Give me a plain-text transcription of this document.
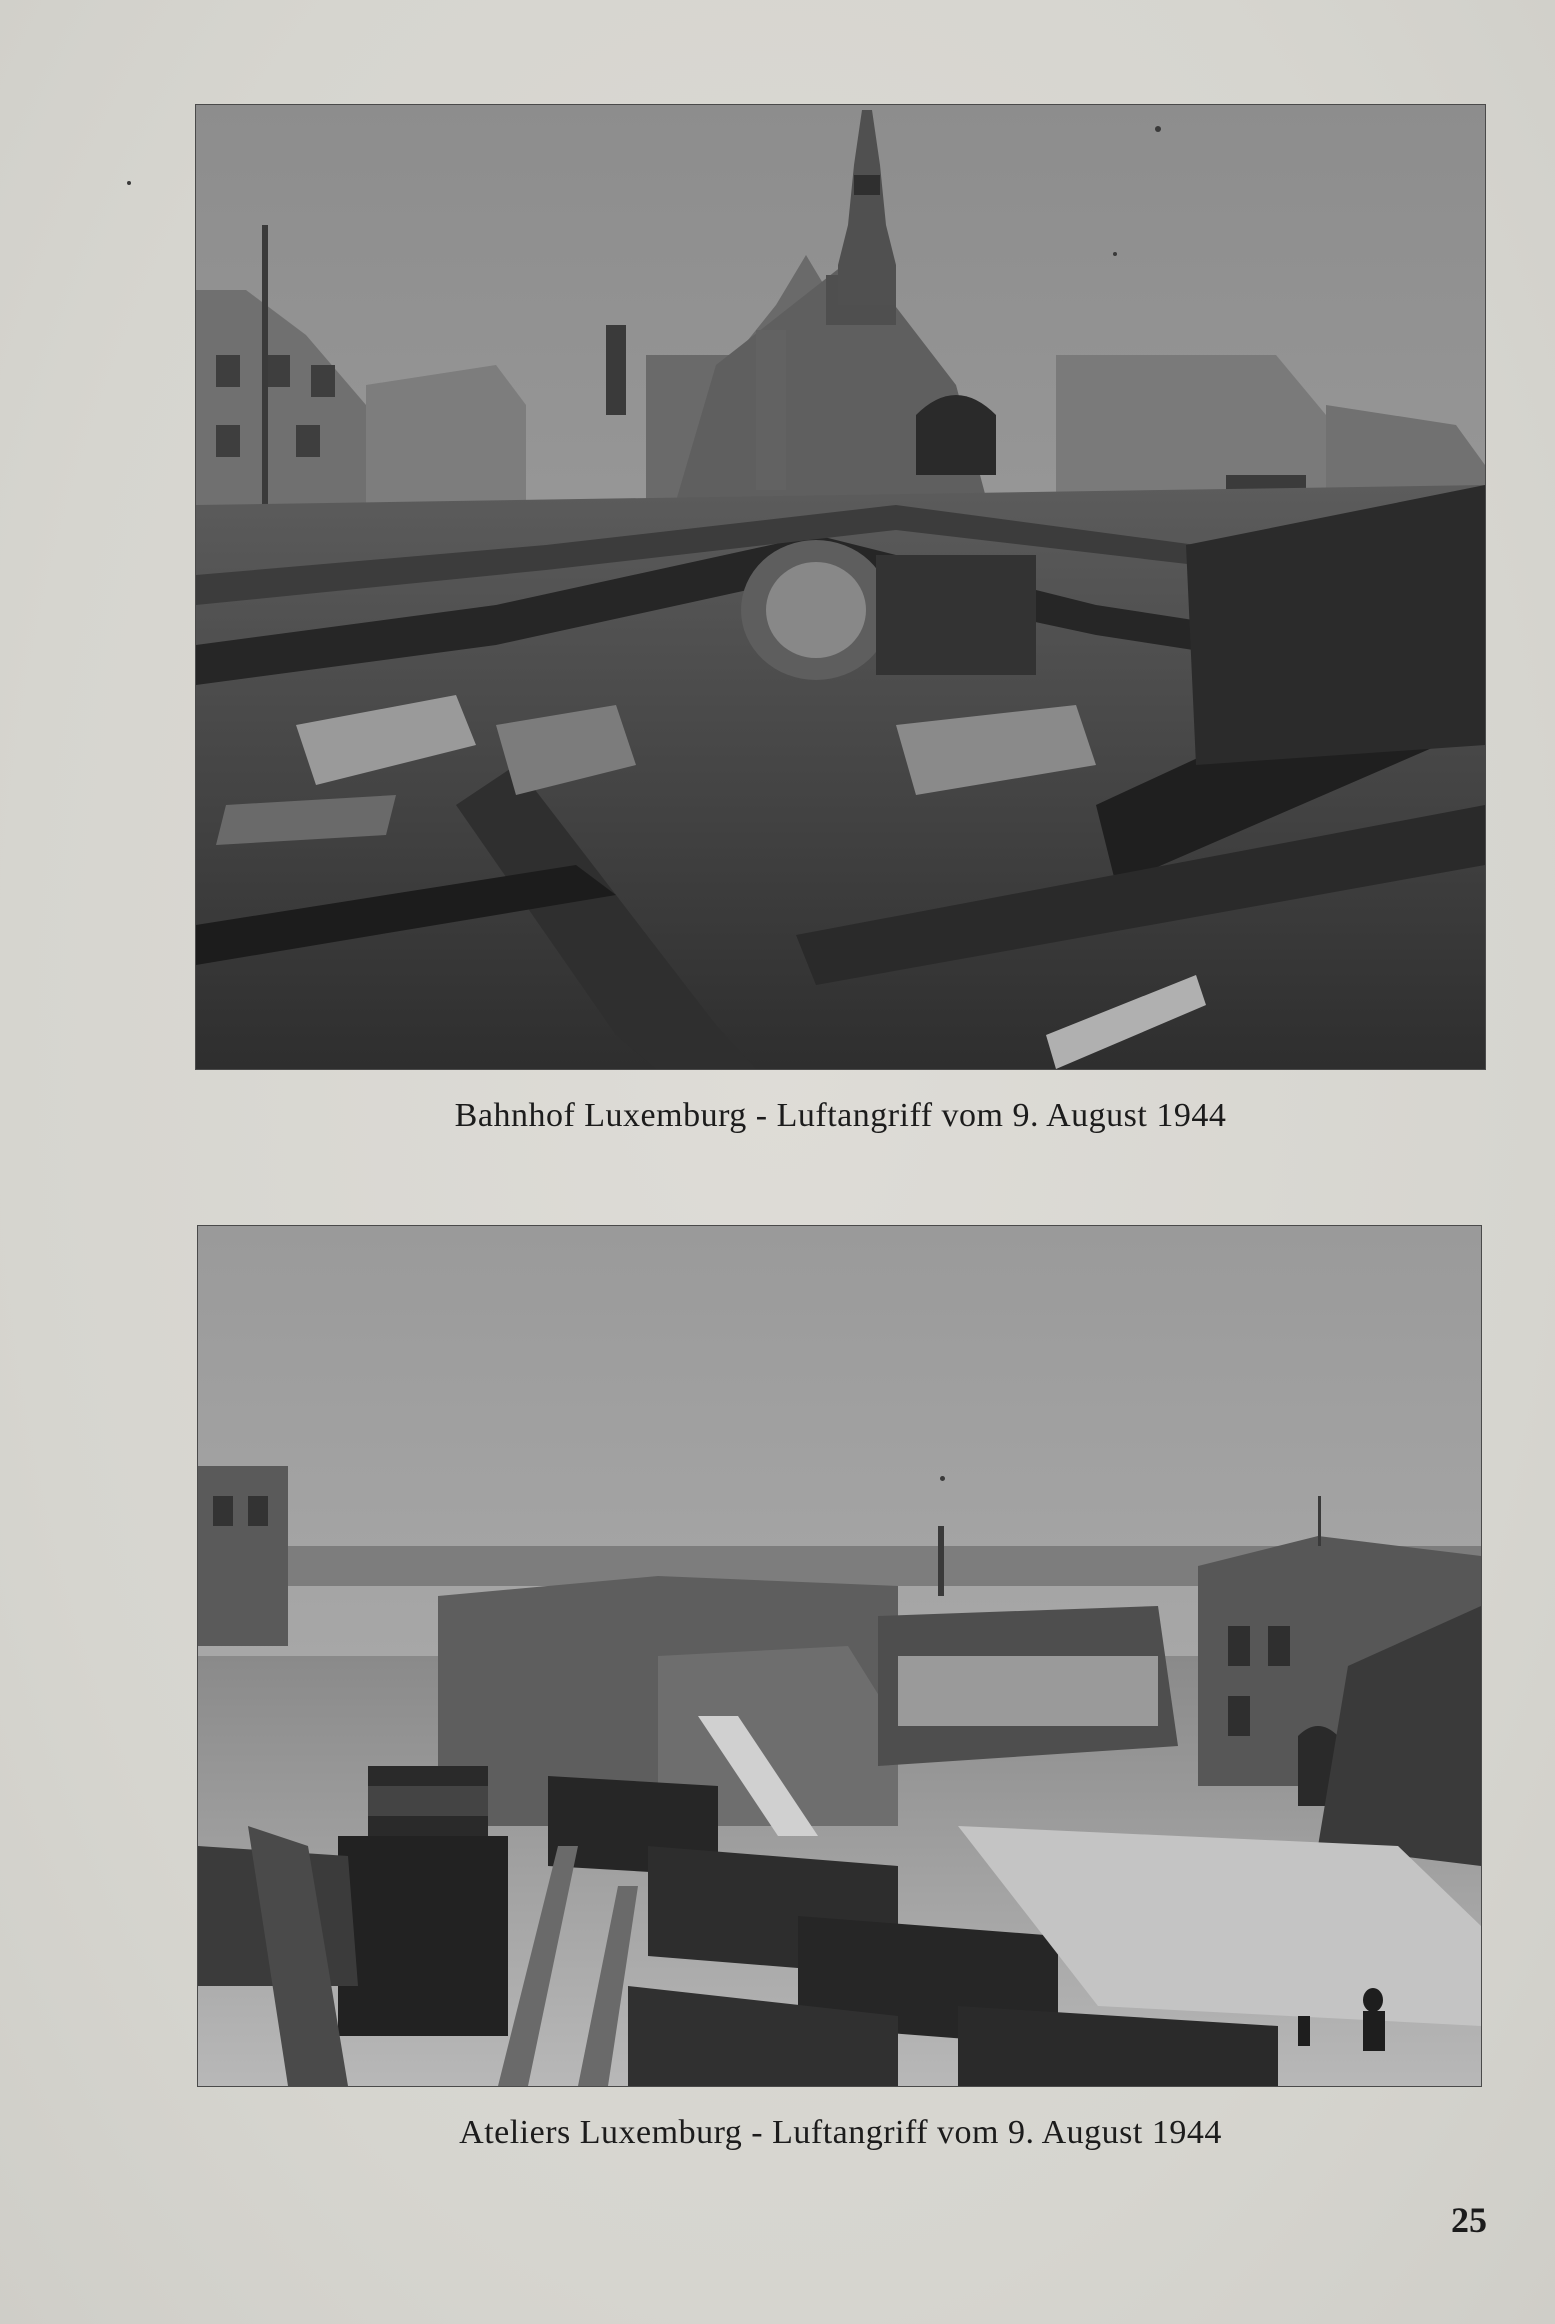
Bahnhof Luxemburg - Luftangriff vom 9. August 1944
Ateliers Luxemburg - Luftangriff vom 9. August 1944
25
